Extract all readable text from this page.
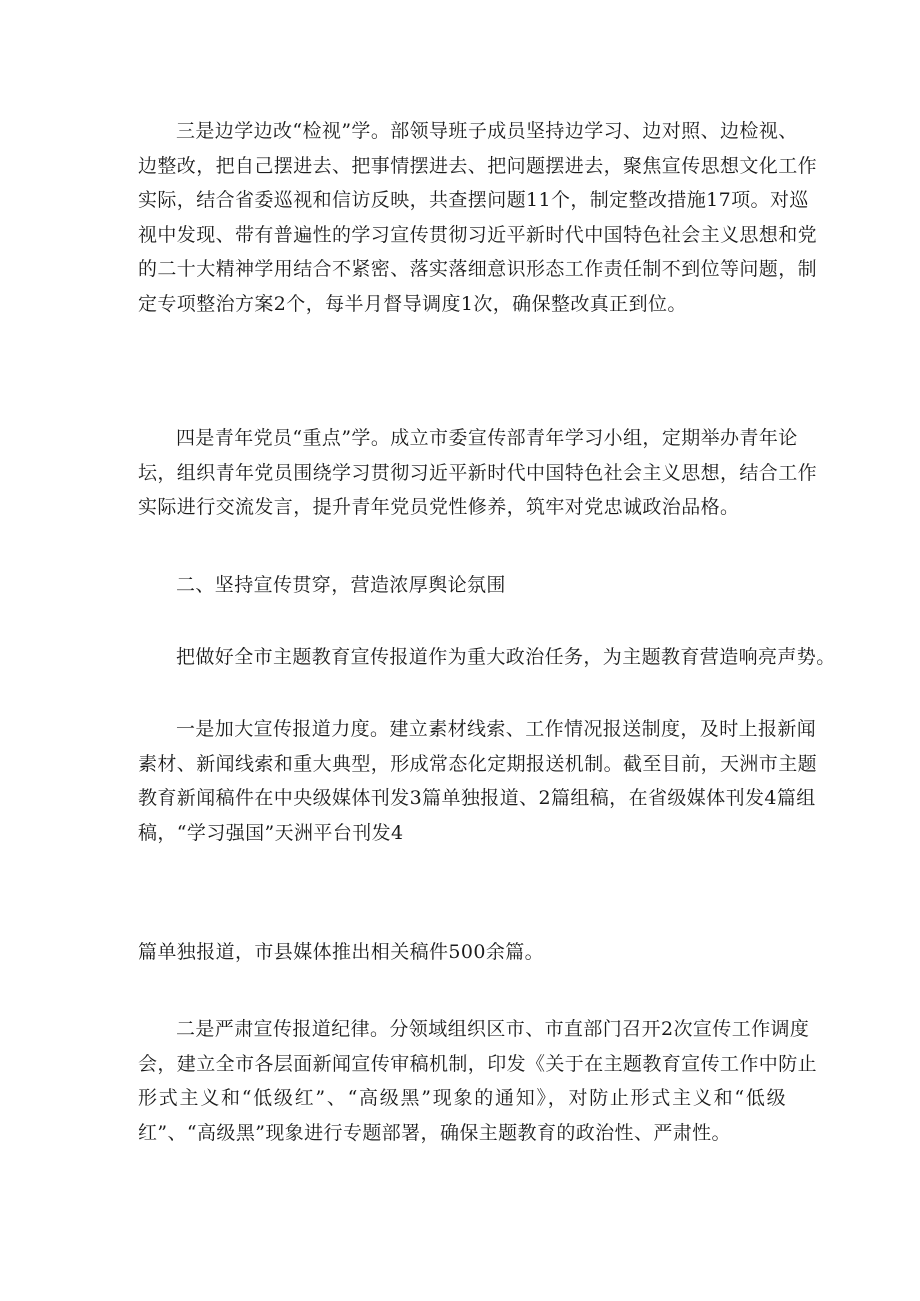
三是边学边改“检视”学。部领导班子成员坚持边学习、边对照、边检视、
边整改，把自己摆进去、把事情摆进去、把问题摆进去，聚焦宣传思想文化工作
实际，结合省委巡视和信访反映，共查摆问题11个，制定整改措施17项。对巡
视中发现、带有普遍性的学习宣传贯彻习近平新时代中国特色社会主义思想和党
的二十大精神学用结合不紧密、落实落细意识形态工作责任制不到位等问题，制
定专项整治方案2个，每半月督导调度1次，确保整改真正到位。
四是青年党员“重点”学。成立市委宣传部青年学习小组，定期举办青年论
坛，组织青年党员围绕学习贯彻习近平新时代中国特色社会主义思想，结合工作
实际进行交流发言，提升青年党员党性修养，筑牢对党忠诚政治品格。
二、坚持宣传贯穿，营造浓厚舆论氛围
把做好全市主题教育宣传报道作为重大政治任务，为主题教育营造响亮声势。
一是加大宣传报道力度。建立素材线索、工作情况报送制度，及时上报新闻
素材、新闻线索和重大典型，形成常态化定期报送机制。截至目前，天洲市主题
教育新闻稿件在中央级媒体刊发3篇单独报道、2篇组稿，在省级媒体刊发4篇组
稿，“学习强国”天洲平台刊发4
篇单独报道，市县媒体推出相关稿件500余篇。
二是严肃宣传报道纪律。分领域组织区市、市直部门召开2次宣传工作调度
会，建立全市各层面新闻宣传审稿机制，印发《关于在主题教育宣传工作中防止
形式主义和“低级红”、“高级黑”现象的通知》，对防止形式主义和“低级
红”、“高级黑”现象进行专题部署，确保主题教育的政治性、严肃性。
